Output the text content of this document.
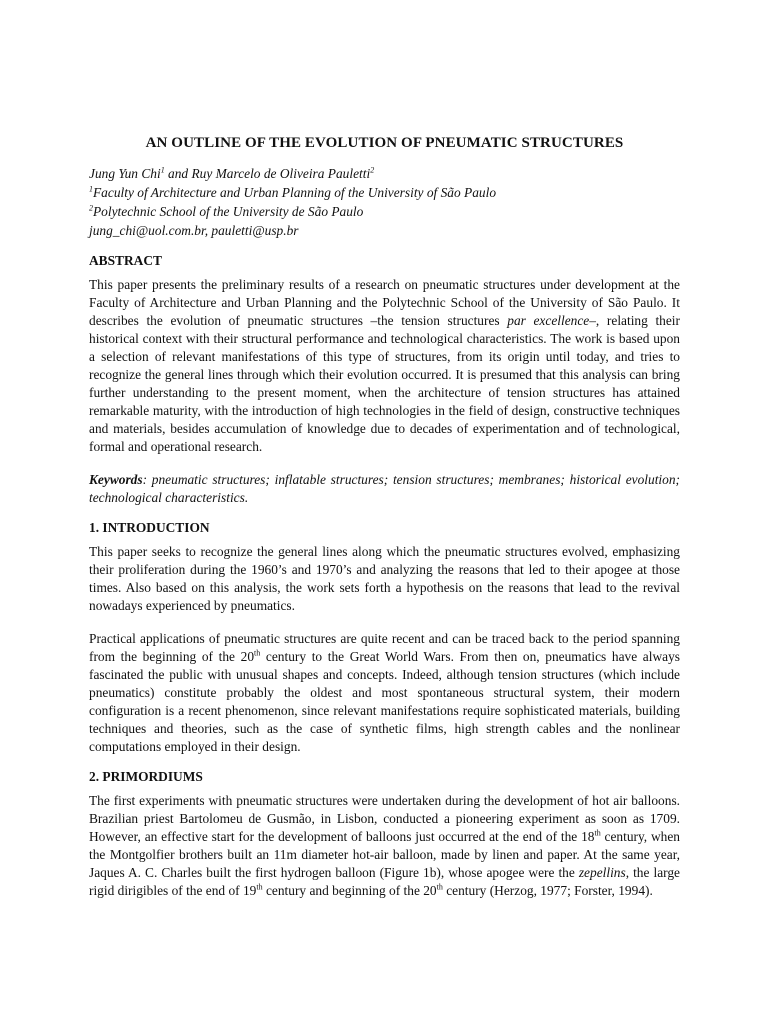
AN OUTLINE OF THE EVOLUTION OF PNEUMATIC STRUCTURES

Jung Yun Chi$^1$ and Ruy Marcelo de Oliveira Pauletti$^2$

$^1$Faculty of Architecture and Urban Planning of the University of São Paulo

$^2$Polytechnic School of the University de São Paulo

jung_chi@uol.com.br, pauletti@usp.br

ABSTRACT

This paper presents the preliminary results of a research on pneumatic structures under development at the Faculty of Architecture and Urban Planning and the Polytechnic School of the University of São Paulo. It describes the evolution of pneumatic structures –the tension structures par excellence–, relating their historical context with their structural performance and technological characteristics. The work is based upon a selection of relevant manifestations of this type of structures, from its origin until today, and tries to recognize the general lines through which their evolution occurred. It is presumed that this analysis can bring further understanding to the present moment, when the architecture of tension structures has attained remarkable maturity, with the introduction of high technologies in the field of design, constructive techniques and materials, besides accumulation of knowledge due to decades of experimentation and of technological, formal and operational research.

Keywords: pneumatic structures; inflatable structures; tension structures; membranes; historical evolution; technological characteristics.

1. INTRODUCTION

This paper seeks to recognize the general lines along which the pneumatic structures evolved, emphasizing their proliferation during the 1960’s and 1970’s and analyzing the reasons that led to their apogee at those times. Also based on this analysis, the work sets forth a hypothesis on the reasons that lead to the revival nowadays experienced by pneumatics.

Practical applications of pneumatic structures are quite recent and can be traced back to the period spanning from the beginning of the 20th century to the Great World Wars. From then on, pneumatics have always fascinated the public with unusual shapes and concepts. Indeed, although tension structures (which include pneumatics) constitute probably the oldest and most spontaneous structural system, their modern configuration is a recent phenomenon, since relevant manifestations require sophisticated materials, building techniques and theories, such as the case of synthetic films, high strength cables and the nonlinear computations employed in their design.

2. PRIMORDIUMS

The first experiments with pneumatic structures were undertaken during the development of hot air balloons. Brazilian priest Bartolomeu de Gusmão, in Lisbon, conducted a pioneering experiment as soon as 1709. However, an effective start for the development of balloons just occurred at the end of the 18th century, when the Montgolfier brothers built an 11m diameter hot-air balloon, made by linen and paper. At the same year, Jaques A. C. Charles built the first hydrogen balloon (Figure 1b), whose apogee were the zepellins, the large rigid dirigibles of the end of 19th century and beginning of the 20th century (Herzog, 1977; Forster, 1994).
